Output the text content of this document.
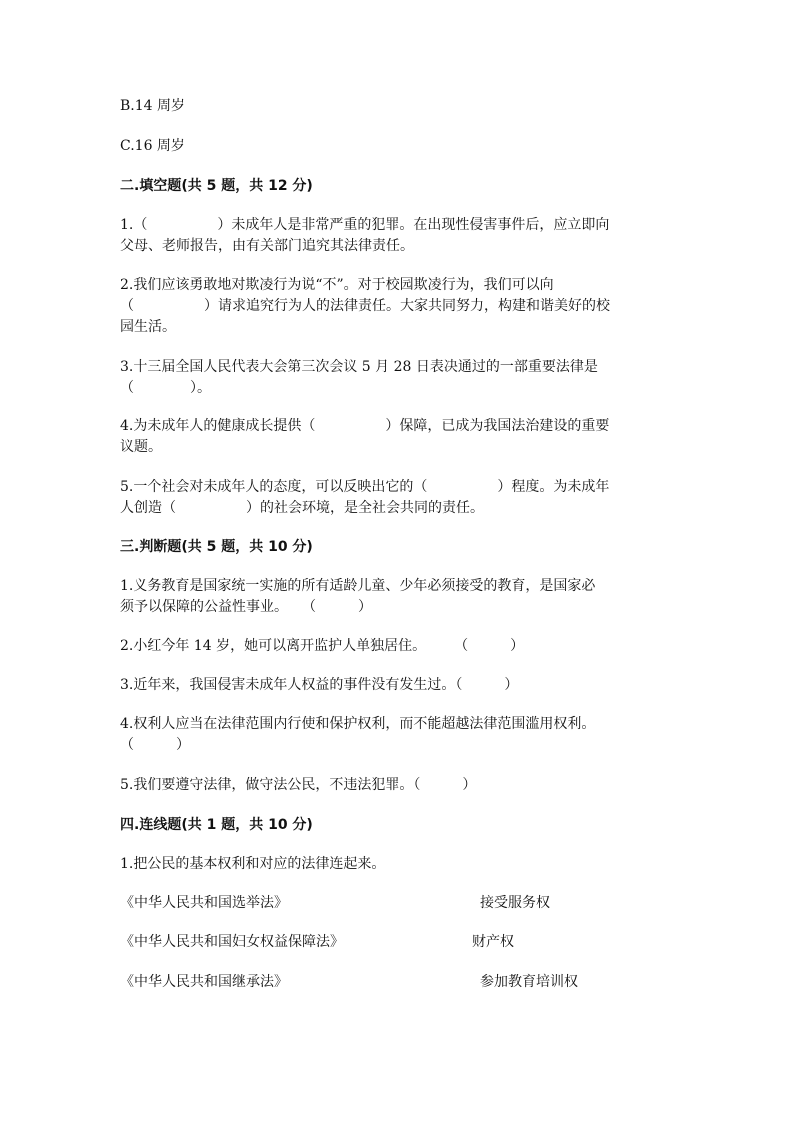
B.14 周岁
C.16 周岁
二.填空题(共 5 题，共 12 分)
1.（　　　　　）未成年人是非常严重的犯罪。在出现性侵害事件后，应立即向
父母、老师报告，由有关部门追究其法律责任。
2.我们应该勇敢地对欺凌行为说“不”。对于校园欺凌行为，我们可以向
（　　　　　）请求追究行为人的法律责任。大家共同努力，构建和谐美好的校
园生活。
3.十三届全国人民代表大会第三次会议 5 月 28 日表决通过的一部重要法律是
（　　　　）。
4.为未成年人的健康成长提供（　　　　　）保障，已成为我国法治建设的重要
议题。
5.一个社会对未成年人的态度，可以反映出它的（　　　　　）程度。为未成年
人创造（　　　　　）的社会环境，是全社会共同的责任。
三.判断题(共 5 题，共 10 分)
1.义务教育是国家统一实施的所有适龄儿童、少年必须接受的教育，是国家必
须予以保障的公益性事业。　　（　　　）
2.小红今年 14 岁，她可以离开监护人单独居住。　　　（　　　）
3.近年来，我国侵害未成年人权益的事件没有发生过。（　　　）
4.权利人应当在法律范围内行使和保护权利，而不能超越法律范围滥用权利。
（　　　）
5.我们要遵守法律，做守法公民，不违法犯罪。（　　　）
四.连线题(共 1 题，共 10 分)
1.把公民的基本权利和对应的法律连起来。
《中华人民共和国选举法》	接受服务权
《中华人民共和国妇女权益保障法》	财产权
《中华人民共和国继承法》	参加教育培训权
